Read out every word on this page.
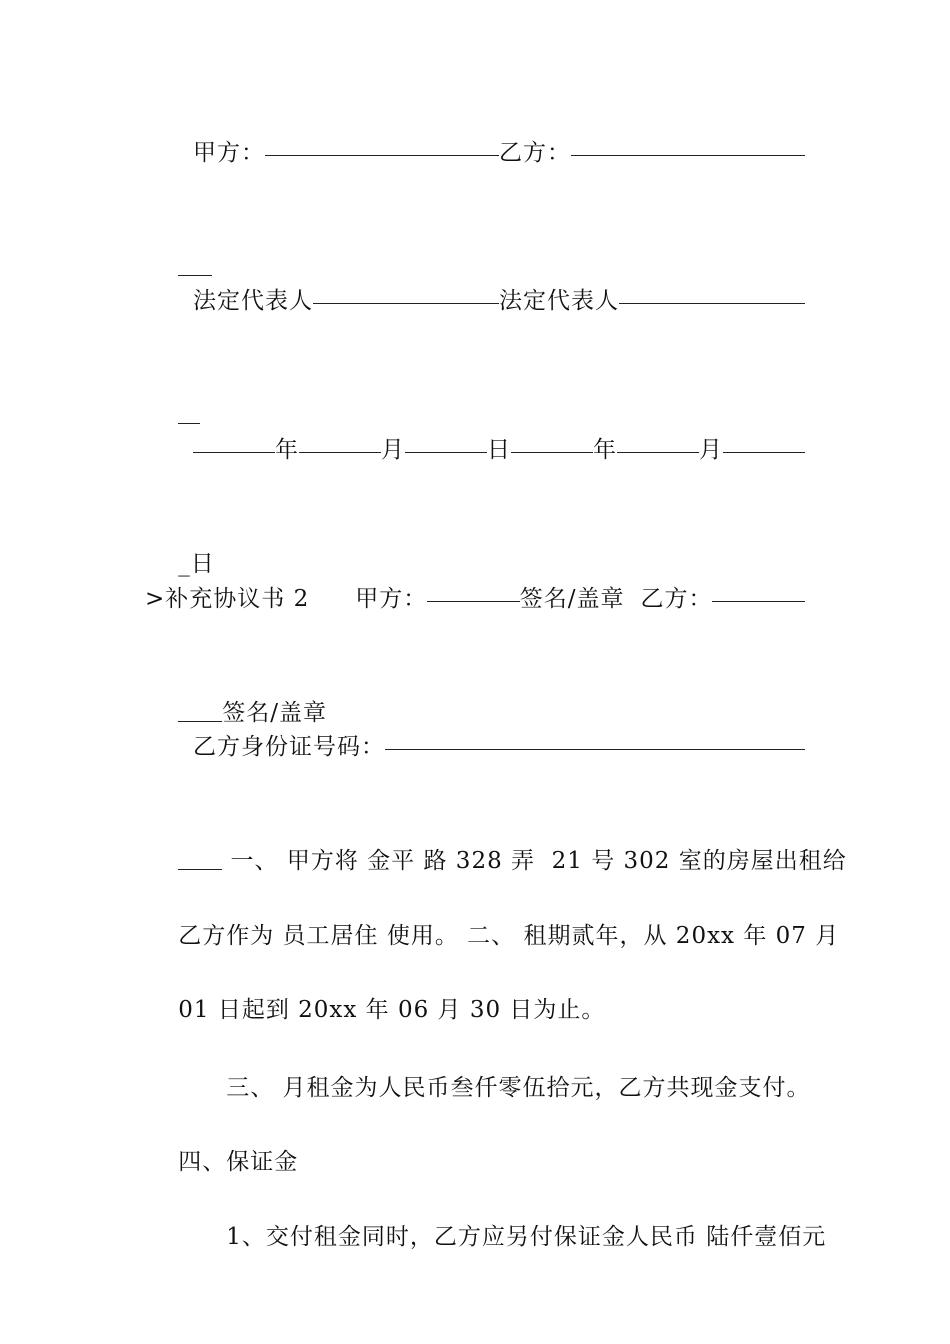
甲方：	乙方：

法定代表人	法定代表人

年	月	日	年	月

_日

>补充协议书 2 甲方：	签名/盖章 乙方：

签名/盖章

乙方身份证号码：

一、 甲方将 金平 路 328 弄  21 号 302 室的房屋出租给

乙方作为 员工居住 使用。 二、 租期贰年，从 20xx 年 07 月

01 日起到 20xx 年 06 月 30 日为止。

三、 月租金为人民币叁仟零伍拾元，乙方共现金支付。

四、保证金

1、交付租金同时，乙方应另付保证金人民币 陆仟壹佰元
